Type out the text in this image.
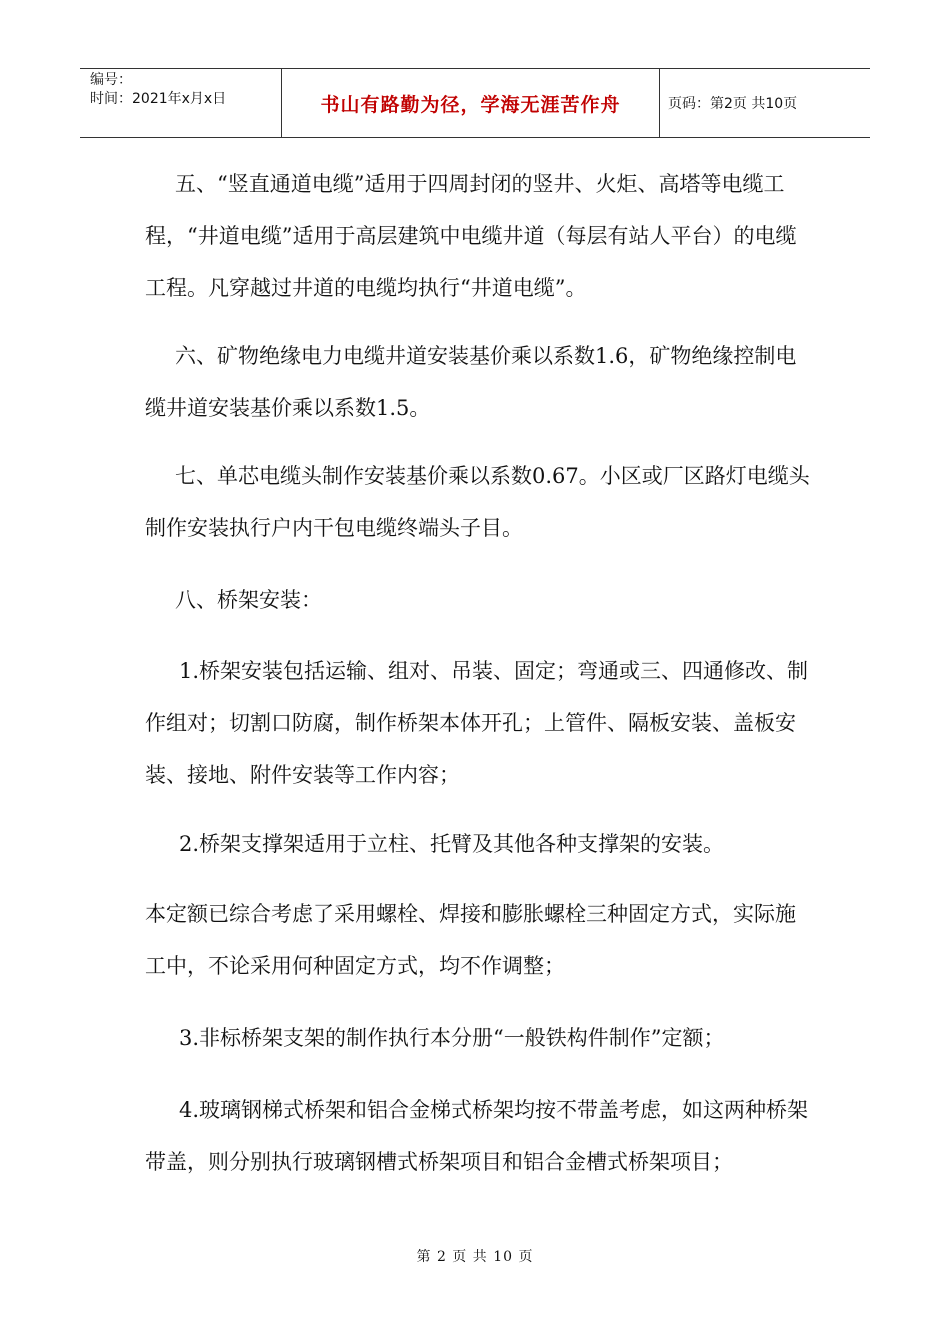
编号：
时间：2021年x月x日	书山有路勤为径，学海无涯苦作舟	页码：第2页 共10页

五、“竖直通道电缆”适用于四周封闭的竖井、火炬、高塔等电缆工程，“井道电缆”适用于高层建筑中电缆井道（每层有站人平台）的电缆工程。凡穿越过井道的电缆均执行“井道电缆”。

六、矿物绝缘电力电缆井道安装基价乘以系数1.6，矿物绝缘控制电缆井道安装基价乘以系数1.5。

七、单芯电缆头制作安装基价乘以系数0.67。小区或厂区路灯电缆头制作安装执行户内干包电缆终端头子目。

八、桥架安装：

1.桥架安装包括运输、组对、吊装、固定；弯通或三、四通修改、制作组对；切割口防腐，制作桥架本体开孔；上管件、隔板安装、盖板安装、接地、附件安装等工作内容；

2.桥架支撑架适用于立柱、托臂及其他各种支撑架的安装。

本定额已综合考虑了采用螺栓、焊接和膨胀螺栓三种固定方式，实际施工中，不论采用何种固定方式，均不作调整；

3.非标桥架支架的制作执行本分册“一般铁构件制作”定额；

4.玻璃钢梯式桥架和铝合金梯式桥架均按不带盖考虑，如这两种桥架带盖，则分别执行玻璃钢槽式桥架项目和铝合金槽式桥架项目；

第 2 页 共 10 页
